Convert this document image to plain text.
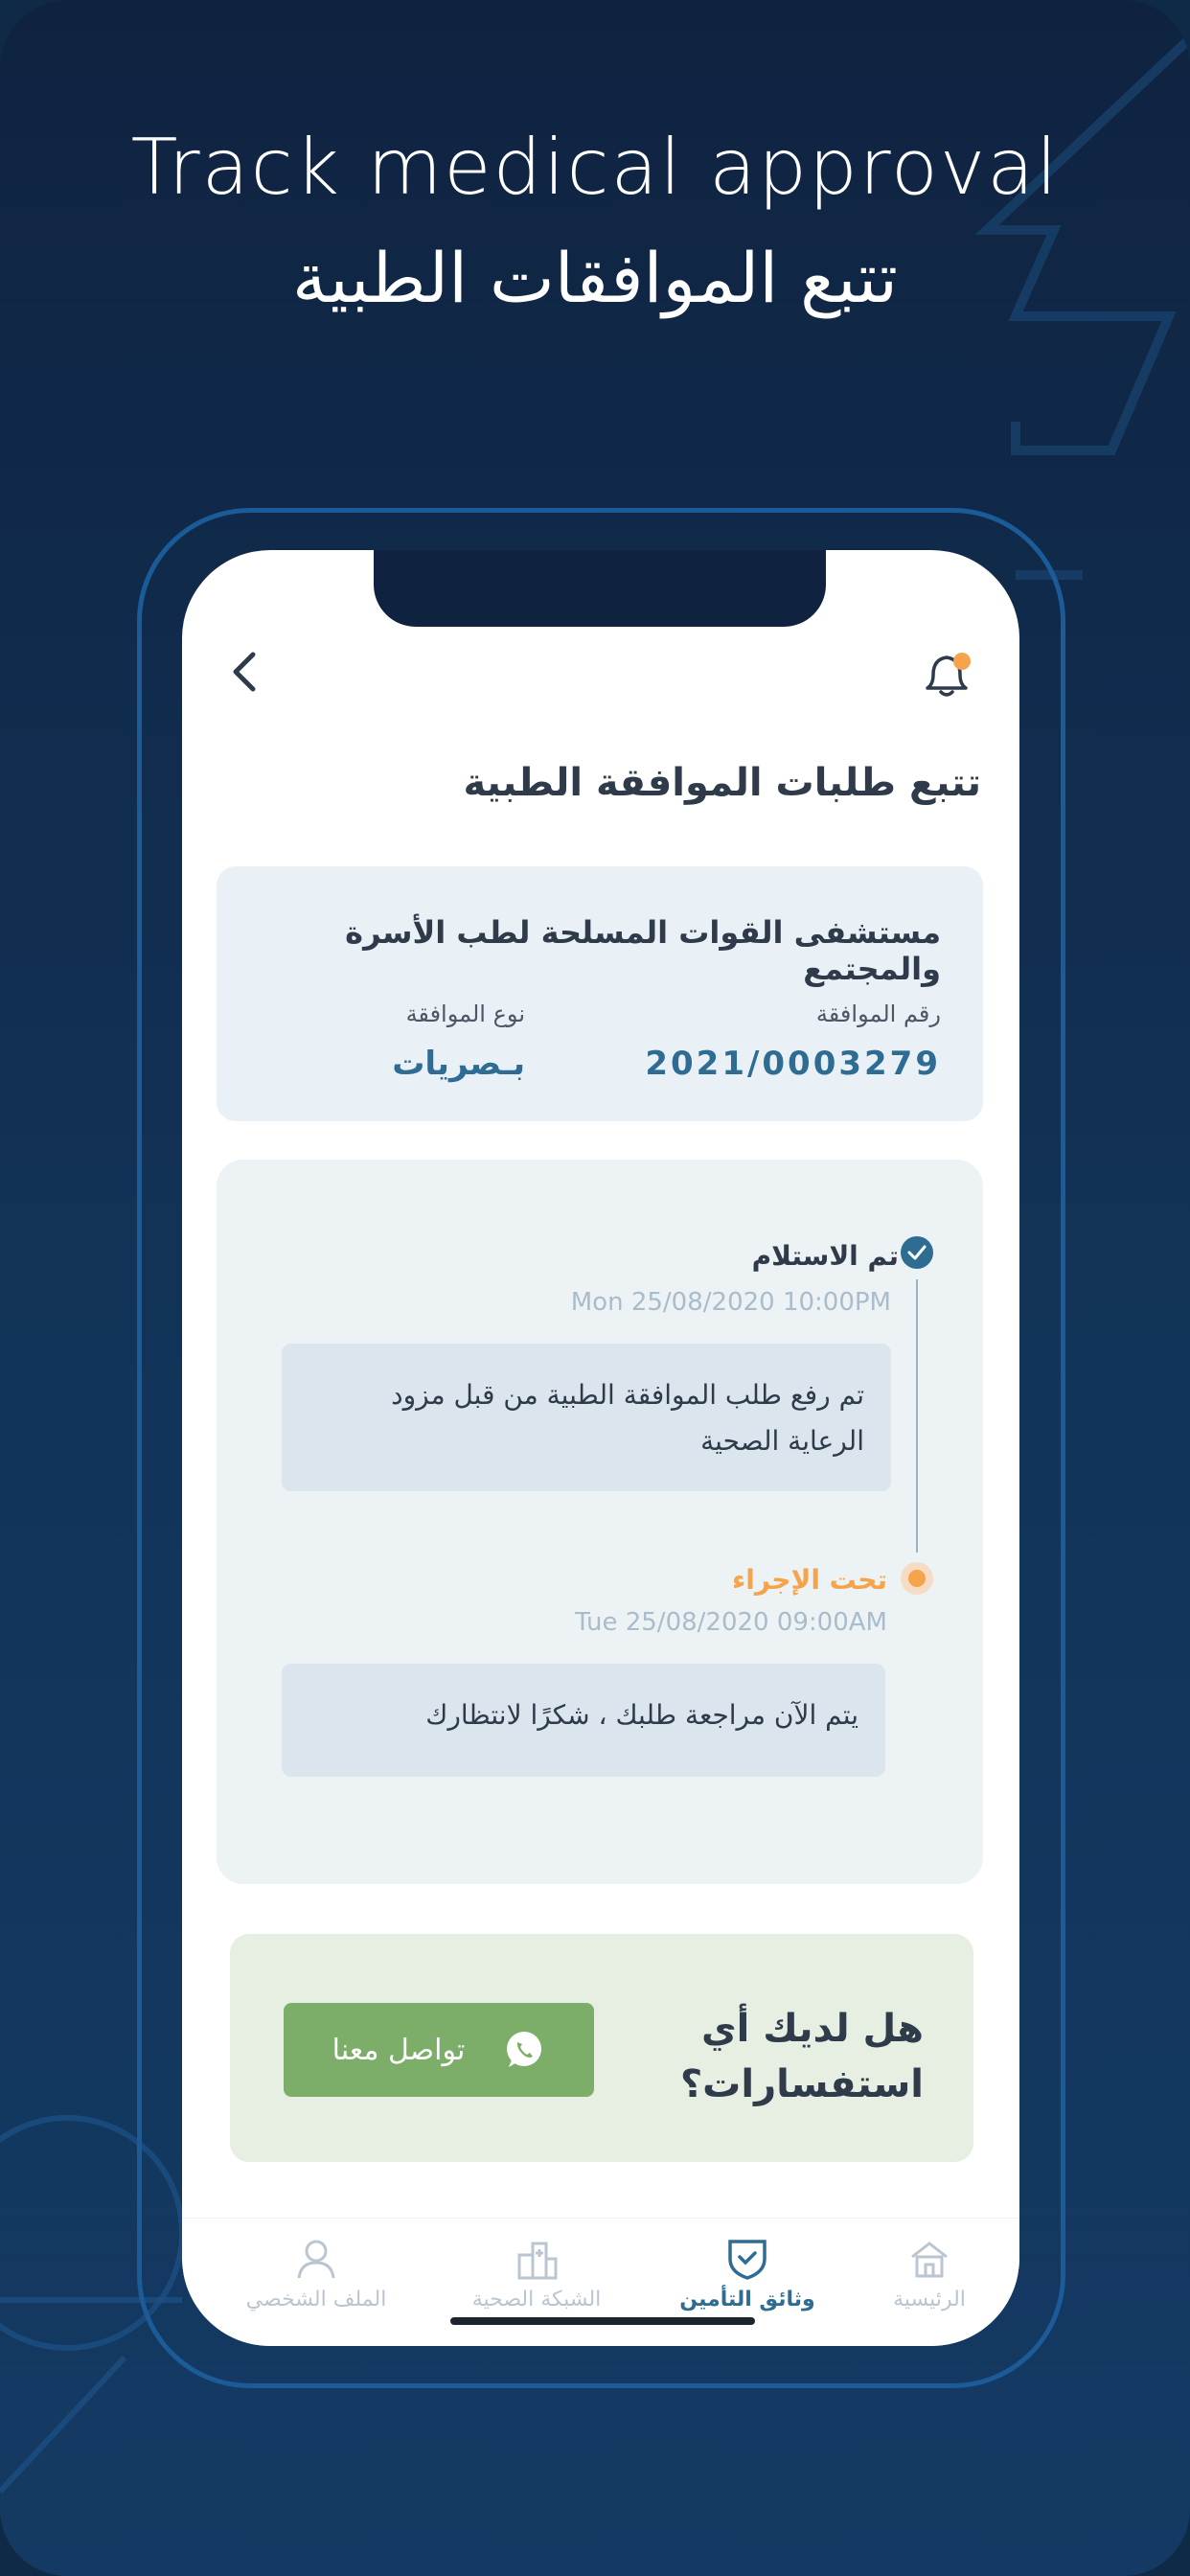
Track medical approval
تتبع الموافقات الطبية
تتبع طلبات الموافقة الطبية
مستشفى القوات المسلحة لطب الأسرة والمجتمع
رقم الموافقة
2021/0003279
نوع الموافقة
بـصريات
تم الاستلام
Mon 25/08/2020 10:00PM
تم رفع طلب الموافقة الطبية من قبل مزود الرعاية الصحية
تحت الإجراء
Tue 25/08/2020 09:00AM
يتم الآن مراجعة طلبك ، شكرًا لانتظارك
هل لديك أي استفسارات؟
تواصل معنا
الملف الشخصي	الشبكة الصحية	وثائق التأمين	الرئيسية
